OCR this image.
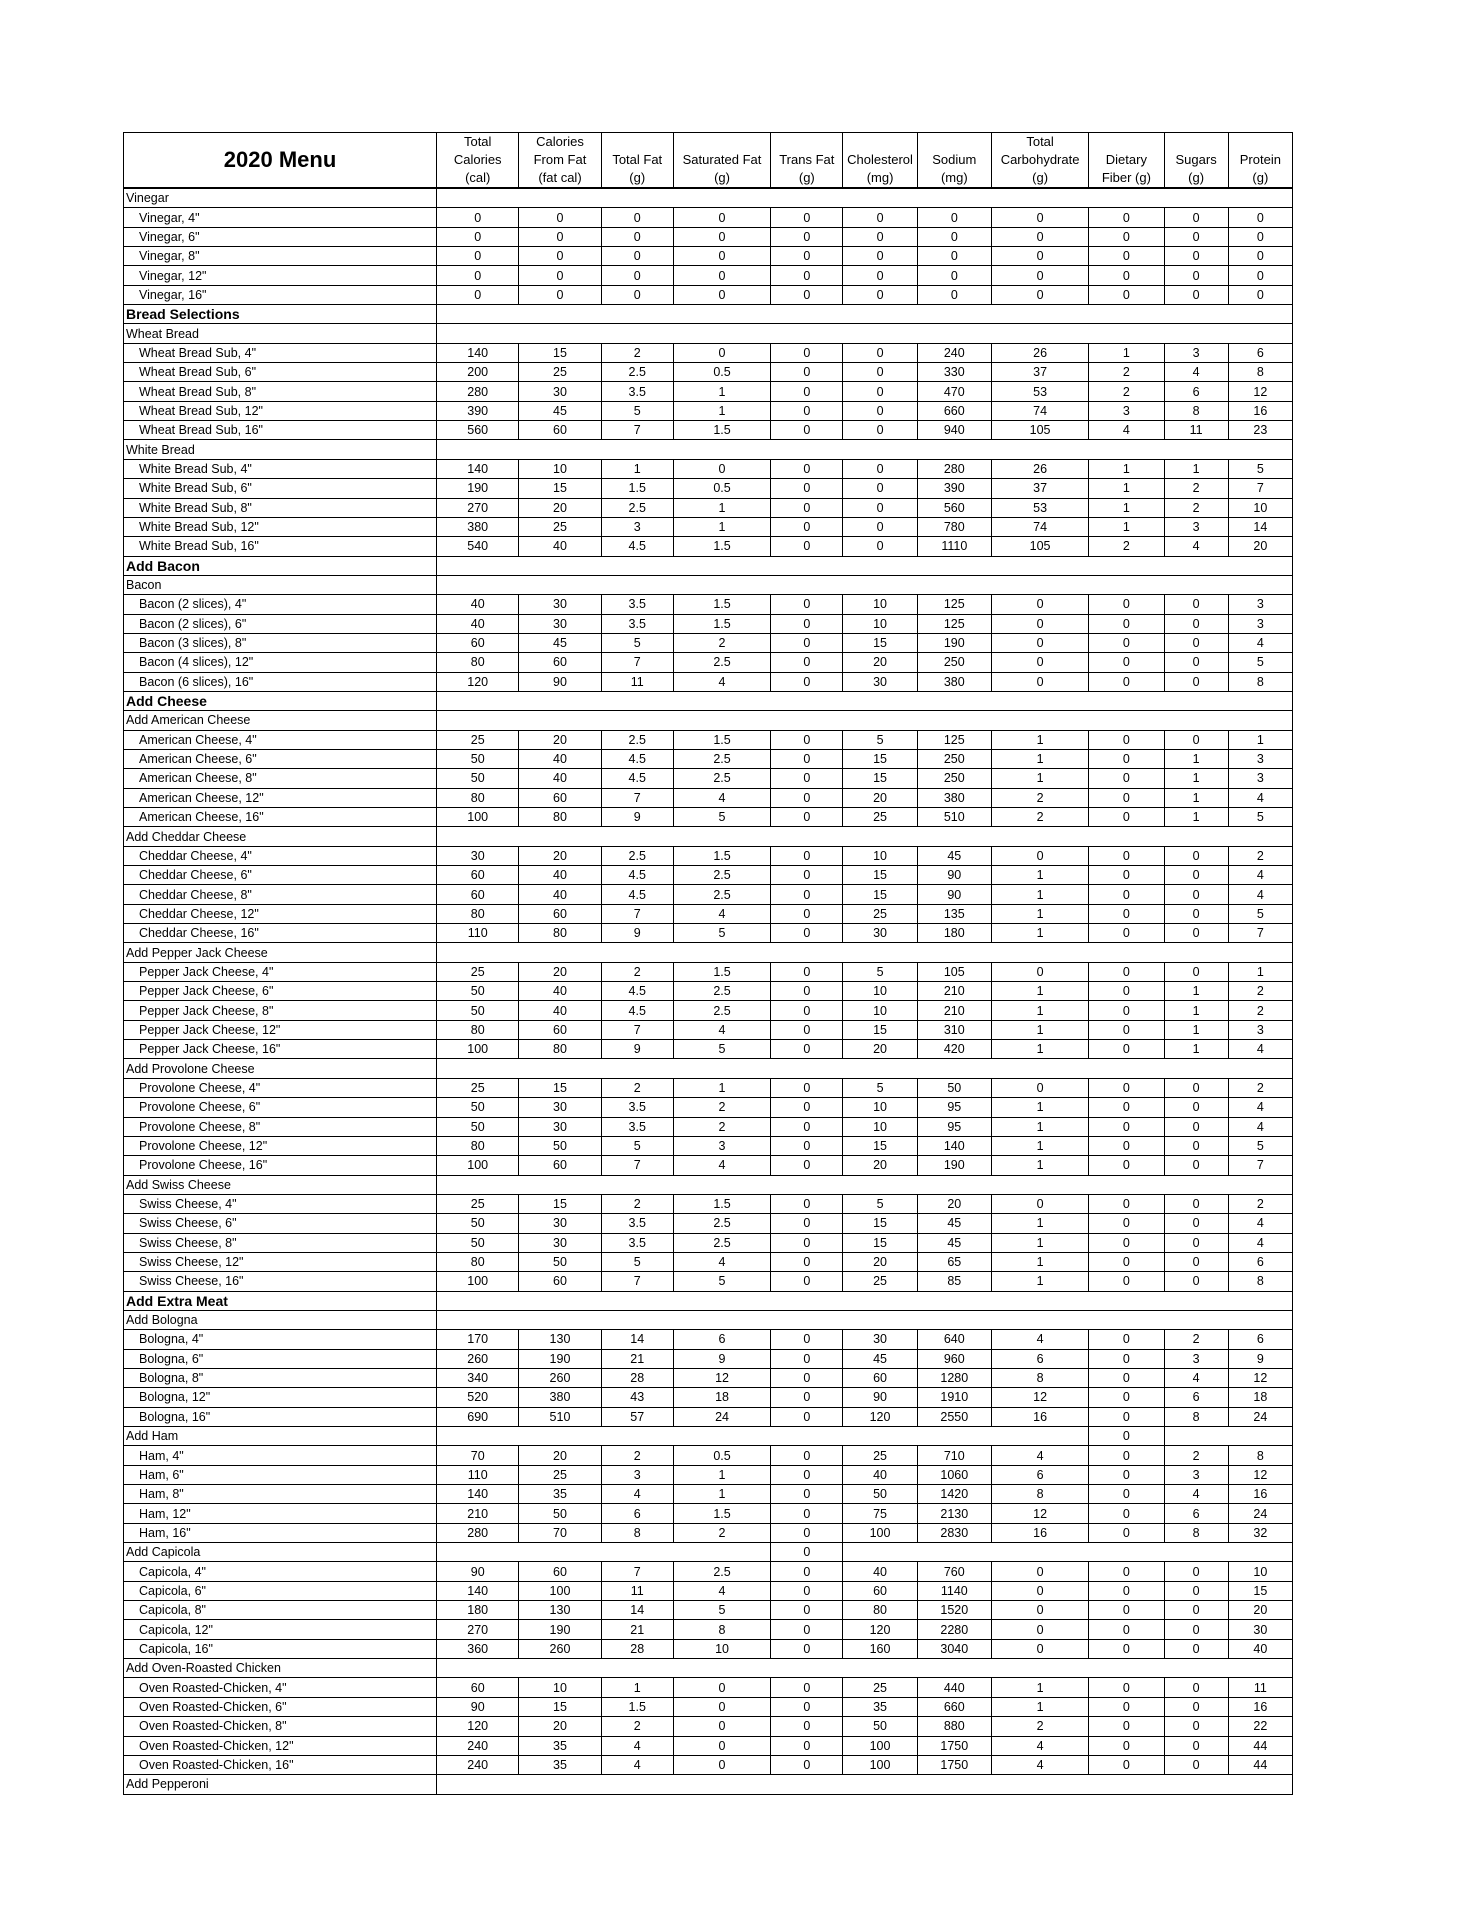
2020 Menu	Total
Calories
(cal)	Calories
From Fat
(fat cal)	Total Fat
(g)	Saturated Fat
(g)	Trans Fat
(g)	Cholesterol
(mg)	Sodium
(mg)	Total
Carbohydrate
(g)	Dietary
Fiber (g)	Sugars
(g)	Protein
(g)
Vinegar											
Vinegar, 4"	0	0	0	0	0	0	0	0	0	0	0
Vinegar, 6"	0	0	0	0	0	0	0	0	0	0	0
Vinegar, 8"	0	0	0	0	0	0	0	0	0	0	0
Vinegar, 12"	0	0	0	0	0	0	0	0	0	0	0
Vinegar, 16"	0	0	0	0	0	0	0	0	0	0	0
Bread Selections											
Wheat Bread											
Wheat Bread Sub, 4"	140	15	2	0	0	0	240	26	1	3	6
Wheat Bread Sub, 6"	200	25	2.5	0.5	0	0	330	37	2	4	8
Wheat Bread Sub, 8"	280	30	3.5	1	0	0	470	53	2	6	12
Wheat Bread Sub, 12"	390	45	5	1	0	0	660	74	3	8	16
Wheat Bread Sub, 16"	560	60	7	1.5	0	0	940	105	4	11	23
White Bread											
White Bread Sub, 4"	140	10	1	0	0	0	280	26	1	1	5
White Bread Sub, 6"	190	15	1.5	0.5	0	0	390	37	1	2	7
White Bread Sub, 8"	270	20	2.5	1	0	0	560	53	1	2	10
White Bread Sub, 12"	380	25	3	1	0	0	780	74	1	3	14
White Bread Sub, 16"	540	40	4.5	1.5	0	0	1110	105	2	4	20
Add Bacon											
Bacon											
Bacon (2 slices), 4"	40	30	3.5	1.5	0	10	125	0	0	0	3
Bacon (2 slices), 6"	40	30	3.5	1.5	0	10	125	0	0	0	3
Bacon (3 slices), 8"	60	45	5	2	0	15	190	0	0	0	4
Bacon (4 slices), 12"	80	60	7	2.5	0	20	250	0	0	0	5
Bacon (6 slices), 16"	120	90	11	4	0	30	380	0	0	0	8
Add Cheese											
Add American Cheese											
American Cheese, 4"	25	20	2.5	1.5	0	5	125	1	0	0	1
American Cheese, 6"	50	40	4.5	2.5	0	15	250	1	0	1	3
American Cheese, 8"	50	40	4.5	2.5	0	15	250	1	0	1	3
American Cheese, 12"	80	60	7	4	0	20	380	2	0	1	4
American Cheese, 16"	100	80	9	5	0	25	510	2	0	1	5
Add Cheddar Cheese											
Cheddar Cheese, 4"	30	20	2.5	1.5	0	10	45	0	0	0	2
Cheddar Cheese, 6"	60	40	4.5	2.5	0	15	90	1	0	0	4
Cheddar Cheese, 8"	60	40	4.5	2.5	0	15	90	1	0	0	4
Cheddar Cheese, 12"	80	60	7	4	0	25	135	1	0	0	5
Cheddar Cheese, 16"	110	80	9	5	0	30	180	1	0	0	7
Add Pepper Jack Cheese											
Pepper Jack Cheese, 4"	25	20	2	1.5	0	5	105	0	0	0	1
Pepper Jack Cheese, 6"	50	40	4.5	2.5	0	10	210	1	0	1	2
Pepper Jack Cheese, 8"	50	40	4.5	2.5	0	10	210	1	0	1	2
Pepper Jack Cheese, 12"	80	60	7	4	0	15	310	1	0	1	3
Pepper Jack Cheese, 16"	100	80	9	5	0	20	420	1	0	1	4
Add Provolone Cheese											
Provolone Cheese, 4"	25	15	2	1	0	5	50	0	0	0	2
Provolone Cheese, 6"	50	30	3.5	2	0	10	95	1	0	0	4
Provolone Cheese, 8"	50	30	3.5	2	0	10	95	1	0	0	4
Provolone Cheese, 12"	80	50	5	3	0	15	140	1	0	0	5
Provolone Cheese, 16"	100	60	7	4	0	20	190	1	0	0	7
Add Swiss Cheese											
Swiss Cheese, 4"	25	15	2	1.5	0	5	20	0	0	0	2
Swiss Cheese, 6"	50	30	3.5	2.5	0	15	45	1	0	0	4
Swiss Cheese, 8"	50	30	3.5	2.5	0	15	45	1	0	0	4
Swiss Cheese, 12"	80	50	5	4	0	20	65	1	0	0	6
Swiss Cheese, 16"	100	60	7	5	0	25	85	1	0	0	8
Add Extra Meat											
Add Bologna											
Bologna, 4"	170	130	14	6	0	30	640	4	0	2	6
Bologna, 6"	260	190	21	9	0	45	960	6	0	3	9
Bologna, 8"	340	260	28	12	0	60	1280	8	0	4	12
Bologna, 12"	520	380	43	18	0	90	1910	12	0	6	18
Bologna, 16"	690	510	57	24	0	120	2550	16	0	8	24
Add Ham									0		
Ham, 4"	70	20	2	0.5	0	25	710	4	0	2	8
Ham, 6"	110	25	3	1	0	40	1060	6	0	3	12
Ham, 8"	140	35	4	1	0	50	1420	8	0	4	16
Ham, 12"	210	50	6	1.5	0	75	2130	12	0	6	24
Ham, 16"	280	70	8	2	0	100	2830	16	0	8	32
Add Capicola					0						
Capicola, 4"	90	60	7	2.5	0	40	760	0	0	0	10
Capicola, 6"	140	100	11	4	0	60	1140	0	0	0	15
Capicola, 8"	180	130	14	5	0	80	1520	0	0	0	20
Capicola, 12"	270	190	21	8	0	120	2280	0	0	0	30
Capicola, 16"	360	260	28	10	0	160	3040	0	0	0	40
Add Oven-Roasted Chicken											
Oven Roasted-Chicken, 4"	60	10	1	0	0	25	440	1	0	0	11
Oven Roasted-Chicken, 6"	90	15	1.5	0	0	35	660	1	0	0	16
Oven Roasted-Chicken, 8"	120	20	2	0	0	50	880	2	0	0	22
Oven Roasted-Chicken, 12"	240	35	4	0	0	100	1750	4	0	0	44
Oven Roasted-Chicken, 16"	240	35	4	0	0	100	1750	4	0	0	44
Add Pepperoni											
